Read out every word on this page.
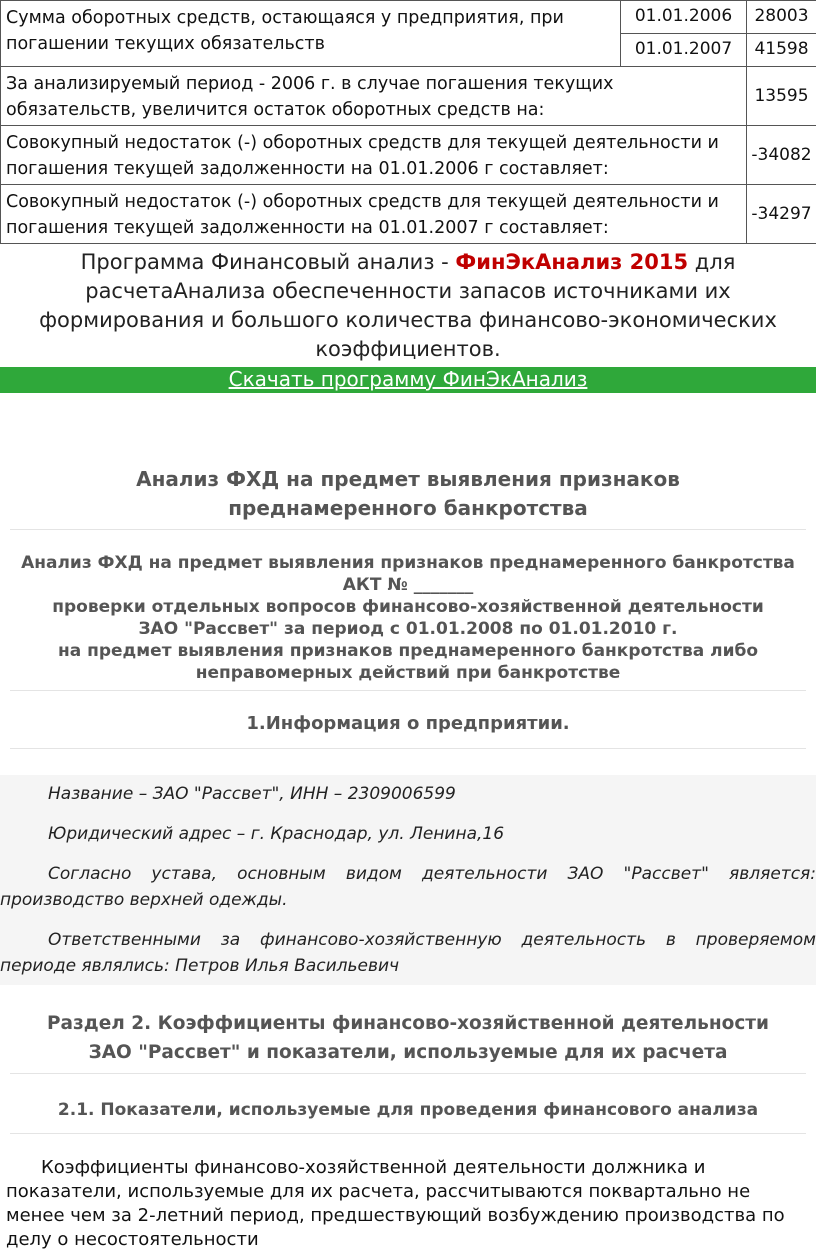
Сумма оборотных средств, остающаяся у предприятия, при погашении текущих обязательств	01.01.2006	28003
	01.01.2007	41598
За анализируемый период - 2006 г. в случае погашения текущих обязательств, увеличится остаток оборотных средств на:		13595
Совокупный недостаток (-) оборотных средств для текущей деятельности и погашения текущей задолженности на 01.01.2006 г составляет:		-34082
Совокупный недостаток (-) оборотных средств для текущей деятельности и погашения текущей задолженности на 01.01.2007 г составляет:		-34297
Программа Финансовый анализ - ФинЭкАнализ 2015 для расчетаАнализа обеспеченности запасов источниками их формирования и большого количества финансово-экономических коэффициентов.
Скачать программу ФинЭкАнализ
Анализ ФХД на предмет выявления признаков преднамеренного банкротства
Анализ ФХД на предмет выявления признаков преднамеренного банкротства
АКТ № _______
проверки отдельных вопросов финансово-хозяйственной деятельности
ЗАО "Рассвет" за период с 01.01.2008 по 01.01.2010 г.
на предмет выявления признаков преднамеренного банкротства либо неправомерных действий при банкротстве
1.Информация о предприятии.

Название – ЗАО "Рассвет", ИНН – 2309006599

Юридический адрес – г. Краснодар, ул. Ленина,16

Согласно устава, основным видом деятельности ЗАО "Рассвет" является: производство верхней одежды.

Ответственными за финансово-хозяйственную деятельность в проверяемом периоде являлись: Петров Илья Васильевич

Раздел 2. Коэффициенты финансово-хозяйственной деятельности ЗАО "Рассвет" и показатели, используемые для их расчета
2.1. Показатели, используемые для проведения финансового анализа

Коэффициенты финансово-хозяйственной деятельности должника и показатели, используемые для их расчета, рассчитываются поквартально не менее чем за 2-летний период, предшествующий возбуждению производства по делу о несостоятельности
